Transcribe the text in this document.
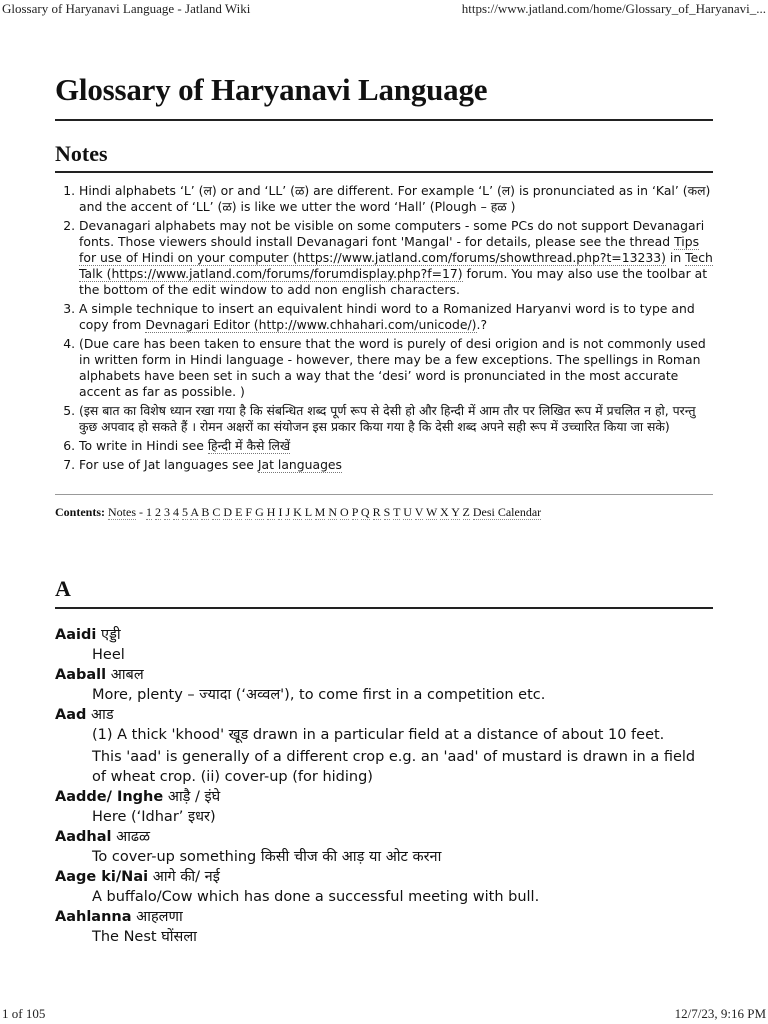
Glossary of Haryanavi Language - Jatland Wiki	https://www.jatland.com/home/Glossary_of_Haryanavi_...
Glossary of Haryanavi Language
Notes
1. Hindi alphabets ‘L’ (ल) or and ‘LL’ (ळ) are different. For example ‘L’ (ल) is pronunciated as in ‘Kal’ (कल) and the accent of ‘LL’ (ळ) is like we utter the word ‘Hall’ (Plough – हळ )
2. Devanagari alphabets may not be visible on some computers - some PCs do not support Devanagari fonts. Those viewers should install Devanagari font 'Mangal' - for details, please see the thread Tips for use of Hindi on your computer (https://www.jatland.com/forums/showthread.php?t=13233) in Tech Talk (https://www.jatland.com/forums/forumdisplay.php?f=17) forum. You may also use the toolbar at the bottom of the edit window to add non english characters.
3. A simple technique to insert an equivalent hindi word to a Romanized Haryanvi word is to type and copy from Devnagari Editor (http://www.chhahari.com/unicode/).?
4. (Due care has been taken to ensure that the word is purely of desi origion and is not commonly used in written form in Hindi language - however, there may be a few exceptions. The spellings in Roman alphabets have been set in such a way that the ‘desi’ word is pronunciated in the most accurate accent as far as possible. )
5. (इस बात का विशेष ध्यान रखा गया है कि संबन्धित शब्द पूर्ण रूप से देसी हो और हिन्दी में आम तौर पर लिखित रूप में प्रचलित न हो, परन्तु कुछ अपवाद हो सकते हैं । रोमन अक्षरों का संयोजन इस प्रकार किया गया है कि देसी शब्द अपने सही रूप में उच्चारित किया जा सके)
6. To write in Hindi see हिन्दी में कैसे लिखें
7. For use of Jat languages see Jat languages
Contents: Notes - 1 2 3 4 5 A B C D E F G H I J K L M N O P Q R S T U V W X Y Z Desi Calendar
A
Aaidi एड्डी

Heel

Aaball आबल

More, plenty – ज्यादा (‘अव्वल'), to come first in a competition etc.

Aad आड

(1) A thick 'khood' खूड drawn in a particular field at a distance of about 10 feet.

This 'aad' is generally of a different crop e.g. an 'aad' of mustard is drawn in a field of wheat crop. (ii) cover-up (for hiding)

Aadde/ Inghe आड़ै / इंघे

Here (‘Idhar’ इधर)

Aadhal आढळ

To cover-up something किसी चीज की आड़ या ओट करना

Aage ki/Nai आगे की/ नई

A buffalo/Cow which has done a successful meeting with bull.

Aahlanna आहलणा

The Nest घोंसला

1 of 105	12/7/23, 9:16 PM
